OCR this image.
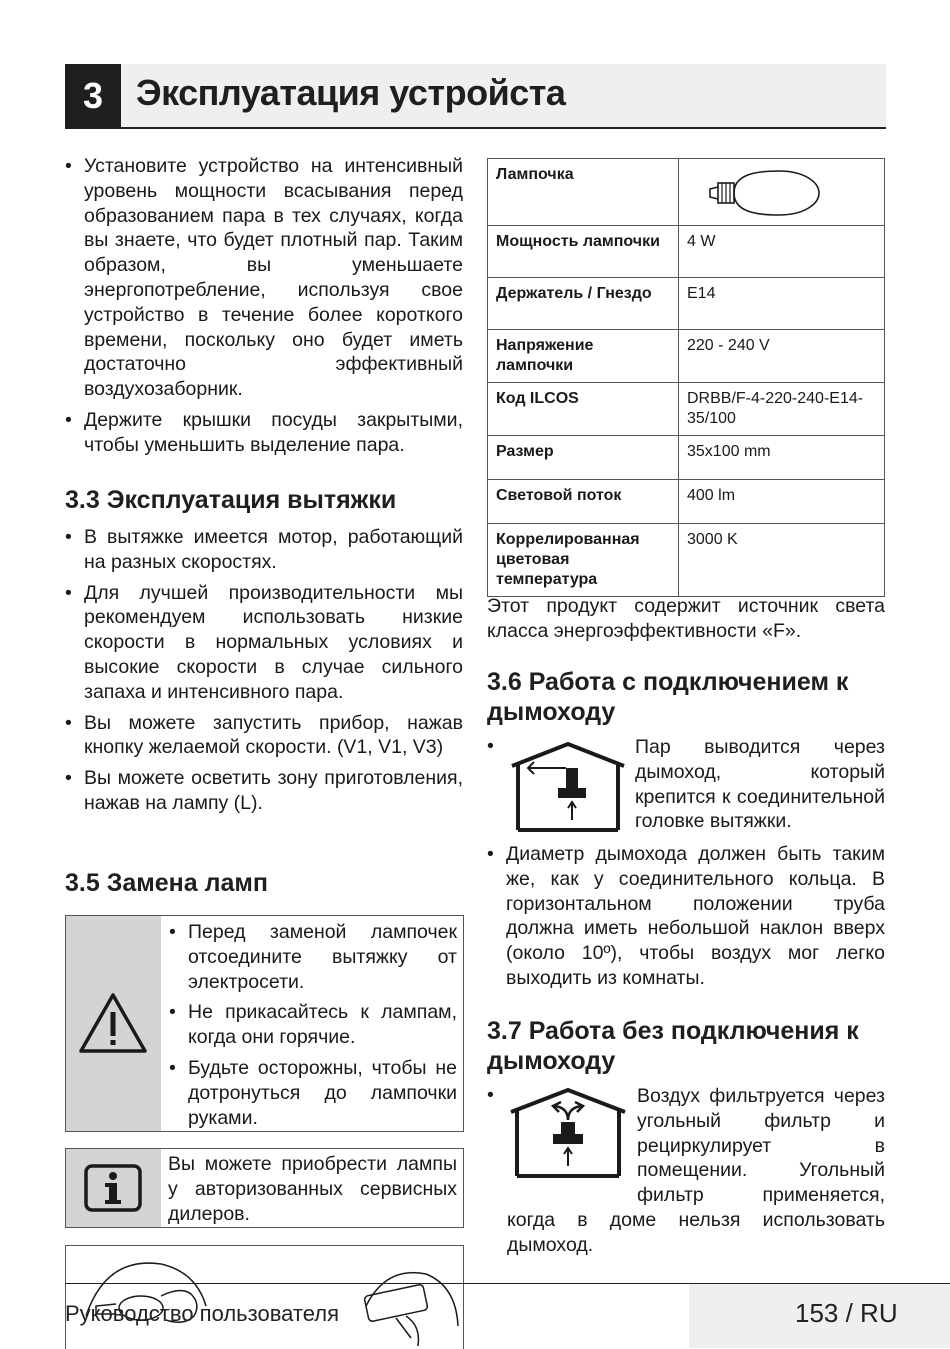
3 Эксплуатация устройста
• Установите устройство на интенсивный уровень мощности всасывания перед образованием пара в тех случаях, когда вы знаете, что будет плотный пар. Таким образом, вы уменьшаете энергопотребление, используя свое устройство в течение более короткого времени, поскольку оно будет иметь достаточно эффективный воздухозаборник.
• Держите крышки посуды закрытыми, чтобы уменьшить выделение пара.
3.3 Эксплуатация вытяжки
• В вытяжке имеется мотор, работающий на разных скоростях.
• Для лучшей производительности мы рекомендуем использовать низкие скорости в нормальных условиях и высокие скорости в случае сильного запаха и интенсивного пара.
• Вы можете запустить прибор, нажав кнопку желаемой скорости. (V1, V1, V3)
• Вы можете осветить зону приготовления, нажав на лампу (L).
3.5 Замена ламп
• Перед заменой лампочек отсоедините вытяжку от электросети.
• Не прикасайтесь к лампам, когда они горячие.
• Будьте осторожны, чтобы не дотронуться до лампочки руками.
Вы можете приобрести лампы у авторизованных сервисных дилеров.
Лампочка	

Мощность лампочки	4 W
Держатель / Гнездо	E14
Напряжение лампочки	220 - 240 V
Код ILCOS	DRBB/F-4-220-240-E14-35/100
Размер	35x100 mm
Световой поток	400 lm
Коррелированная цветовая температура	3000 K
Этот продукт содержит источник света класса энергоэффективности «F».
3.6 Работа с подключением к дымоходу
•	Пар выводится через дымоход, который крепится к соединительной головке вытяжки.
• Диаметр дымохода должен быть таким же, как у соединительного кольца. В горизонтальном положении труба должна иметь небольшой наклон вверх (около 10º), чтобы воздух мог легко выходить из комнаты.
3.7 Работа без подключения к дымоходу
•	Воздух фильтруется через угольный фильтр и рециркулирует в помещении. Угольный фильтр применяется, когда в доме нельзя использовать дымоход.
Руководство пользователя	153 / RU
